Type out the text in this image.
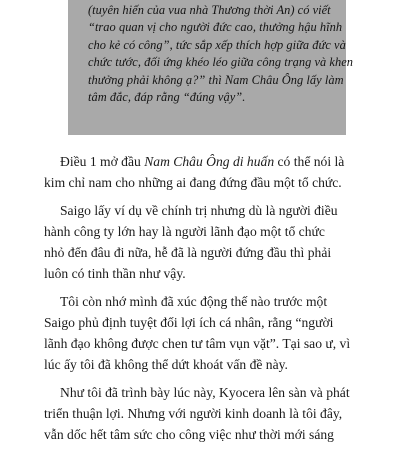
(tuyên hiến của vua nhà Thương thời An) có viết
“trao quan vị cho người đức cao, thưởng hậu hĩnh
cho kẻ có công”, tức sắp xếp thích hợp giữa đức và
chức tước, đối ứng khéo léo giữa công trạng và khen
thưởng phải không ạ?” thì Nam Châu Ông lấy làm
tâm đắc, đáp rằng “đúng vậy”.
Điều 1 mở đầu Nam Châu Ông di huấn có thể nói là
kim chỉ nam cho những ai đang đứng đầu một tổ chức.
Saigo lấy ví dụ về chính trị nhưng dù là người điều
hành công ty lớn hay là người lãnh đạo một tổ chức
nhỏ đến đâu đi nữa, hễ đã là người đứng đầu thì phải
luôn có tinh thần như vậy.
Tôi còn nhớ mình đã xúc động thế nào trước một
Saigo phủ định tuyệt đối lợi ích cá nhân, rằng “người
lãnh đạo không được chen tư tâm vụn vặt”. Tại sao ư, vì
lúc ấy tôi đã không thể dứt khoát vấn đề này.
Như tôi đã trình bày lúc này, Kyocera lên sàn và phát
triển thuận lợi. Nhưng với người kinh doanh là tôi đây,
vẫn dốc hết tâm sức cho công việc như thời mới sáng
